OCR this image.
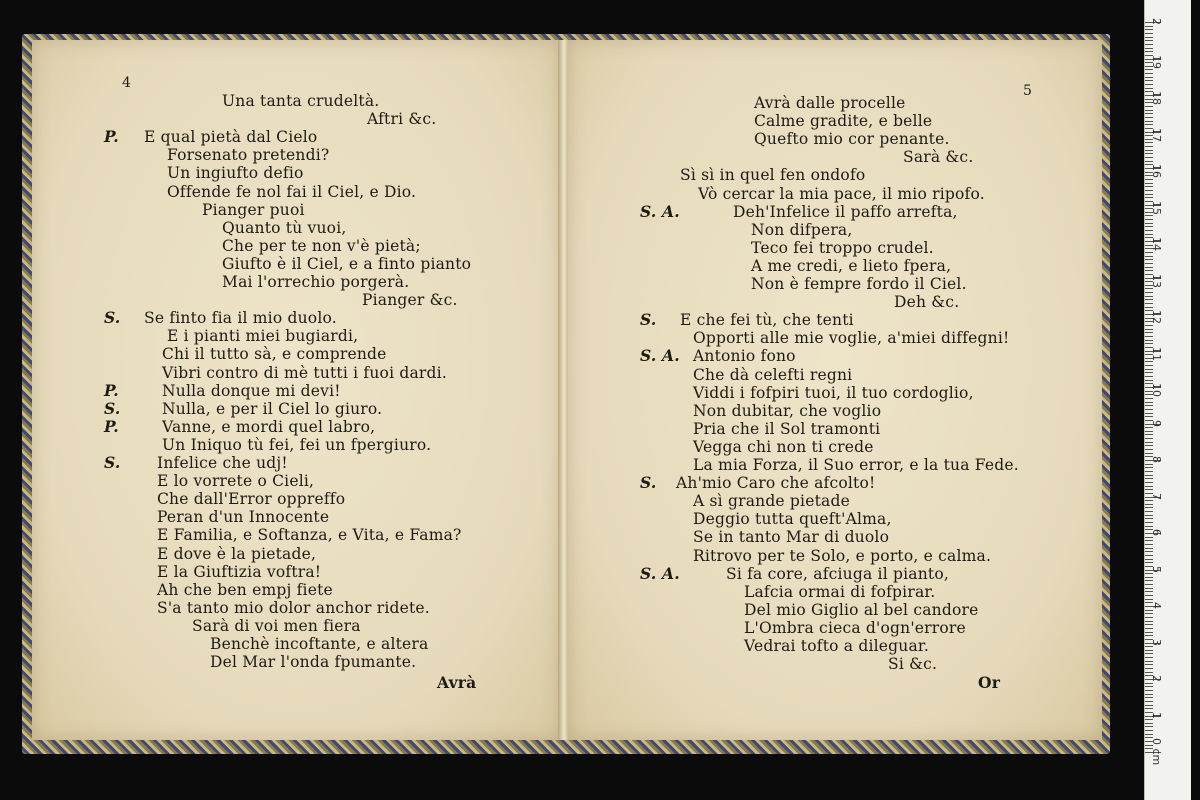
4
Una tanta crudeltà.
Aftri &c.
P. E qual pietà dal Cielo
Forsenato pretendi?
Un ingiufto defio
Offende fe nol fai il Ciel, e Dio.
Pianger puoi
Quanto tù vuoi,
Che per te non v'è pietà;
Giufto è il Ciel, e a finto pianto
Mai l'orrechio porgerà.
Pianger &c.
S. Se finto fia il mio duolo.
E i pianti miei bugiardi,
Chi il tutto sà, e comprende
Vibri contro di mè tutti i fuoi dardi.
P.	Nulla donque mi devi!
S.	Nulla, e per il Ciel lo giuro.
P.	Vanne, e mordi quel labro,
Un Iniquo tù fei, fei un fpergiuro.
S. Infelice che udj!
E lo vorrete o Cieli,
Che dall'Error oppreffo
Peran d'un Innocente
E Familia, e Softanza, e Vita, e Fama?
E dove è la pietade,
E la Giuftizia voftra!
Ah che ben empj fiete
S'a tanto mio dolor anchor ridete.
Sarà di voi men fiera
Benchè incoftante, e altera
Del Mar l'onda fpumante.
Avrà
5
Avrà dalle procelle
Calme gradite, e belle
Quefto mio cor penante.
Sarà &c.
Sì sì in quel fen ondofo
Vò cercar la mia pace, il mio ripofo.
S. A.	Deh'Infelice il paffo arrefta,
Non difpera,
Teco fei troppo crudel.
A me credi, e lieto fpera,
Non è fempre fordo il Ciel.
Deh &c.
S. E che fei tù, che tenti
Opporti alle mie voglie, a'miei diffegni!
S. A. Antonio fono
Che dà celefti regni
Viddi i fofpiri tuoi, il tuo cordoglio,
Non dubitar, che voglio
Pria che il Sol tramonti
Vegga chi non ti crede
La mia Forza, il Suo error, e la tua Fede.
S. Ah'mio Caro che afcolto!
A sì grande pietade
Deggio tutta queft'Alma,
Se in tanto Mar di duolo
Ritrovo per te Solo, e porto, e calma.
S. A.	Si fa core, afciuga il pianto,
Lafcia ormai di fofpirar.
Del mio Giglio al bel candore
L'Ombra cieca d'ogn'errore
Vedrai tofto a dileguar.
Si &c.
Or
0 cm
1
2
3
4
5
6
7
8
9
10
11
12
13
14
15
16
17
18
19
2
